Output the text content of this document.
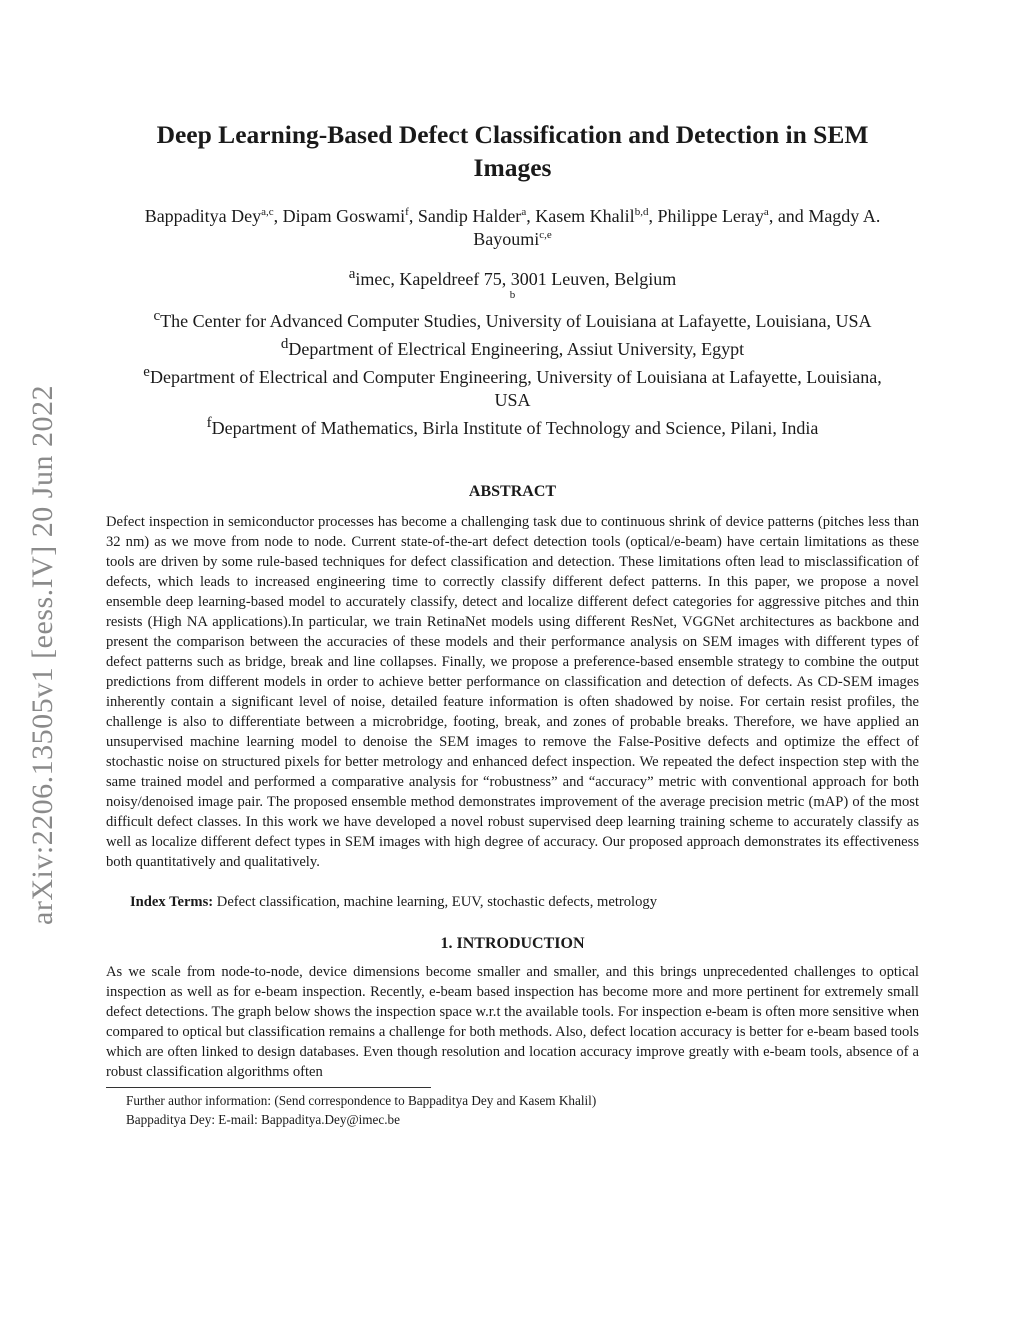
arXiv:2206.13505v1 [eess.IV] 20 Jun 2022
Deep Learning-Based Defect Classification and Detection in SEM Images
Bappaditya Dey$^{a,c}$, Dipam Goswami$^f$, Sandip Halder$^a$, Kasem Khalil$^{b,d}$, Philippe Leray$^a$, and Magdy A. Bayoumi$^{c,e}$
$^a$imec, Kapeldreef 75, 3001 Leuven, Belgium
b
$^c$The Center for Advanced Computer Studies, University of Louisiana at Lafayette, Louisiana, USA
$^d$Department of Electrical Engineering, Assiut University, Egypt
$^e$Department of Electrical and Computer Engineering, University of Louisiana at Lafayette, Louisiana, USA
$^f$Department of Mathematics, Birla Institute of Technology and Science, Pilani, India
ABSTRACT
Defect inspection in semiconductor processes has become a challenging task due to continuous shrink of device patterns (pitches less than 32 nm) as we move from node to node. Current state-of-the-art defect detection tools (optical/e-beam) have certain limitations as these tools are driven by some rule-based techniques for defect classification and detection. These limitations often lead to misclassification of defects, which leads to increased engineering time to correctly classify different defect patterns. In this paper, we propose a novel ensemble deep learning-based model to accurately classify, detect and localize different defect categories for aggressive pitches and thin resists (High NA applications).In particular, we train RetinaNet models using different ResNet, VGGNet architectures as backbone and present the comparison between the accuracies of these models and their performance analysis on SEM images with different types of defect patterns such as bridge, break and line collapses. Finally, we propose a preference-based ensemble strategy to combine the output predictions from different models in order to achieve better performance on classification and detection of defects. As CD-SEM images inherently contain a significant level of noise, detailed feature information is often shadowed by noise. For certain resist profiles, the challenge is also to differentiate between a microbridge, footing, break, and zones of probable breaks. Therefore, we have applied an unsupervised machine learning model to denoise the SEM images to remove the False-Positive defects and optimize the effect of stochastic noise on structured pixels for better metrology and enhanced defect inspection. We repeated the defect inspection step with the same trained model and performed a comparative analysis for “robustness” and “accuracy” metric with conventional approach for both noisy/denoised image pair. The proposed ensemble method demonstrates improvement of the average precision metric (mAP) of the most difficult defect classes. In this work we have developed a novel robust supervised deep learning training scheme to accurately classify as well as localize different defect types in SEM images with high degree of accuracy. Our proposed approach demonstrates its effectiveness both quantitatively and qualitatively.
Index Terms: Defect classification, machine learning, EUV, stochastic defects, metrology
1. INTRODUCTION
As we scale from node-to-node, device dimensions become smaller and smaller, and this brings unprecedented challenges to optical inspection as well as for e-beam inspection. Recently, e-beam based inspection has become more and more pertinent for extremely small defect detections. The graph below shows the inspection space w.r.t the available tools. For inspection e-beam is often more sensitive when compared to optical but classification remains a challenge for both methods. Also, defect location accuracy is better for e-beam based tools which are often linked to design databases. Even though resolution and location accuracy improve greatly with e-beam tools, absence of a robust classification algorithms often
Further author information: (Send correspondence to Bappaditya Dey and Kasem Khalil)
Bappaditya Dey: E-mail: Bappaditya.Dey@imec.be
